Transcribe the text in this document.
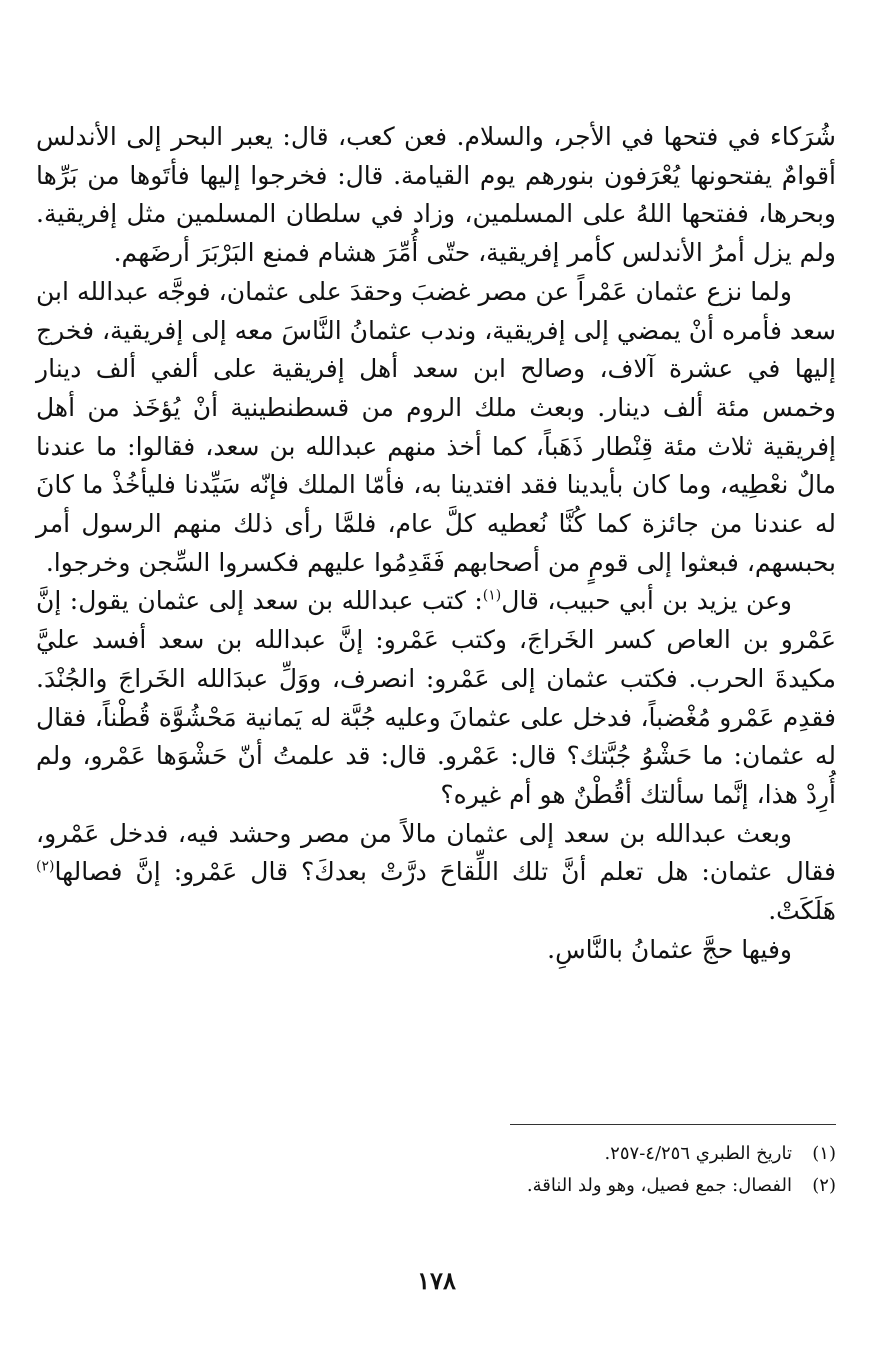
شُرَكاء في فتحها في الأجر، والسلام. فعن كعب، قال: يعبر البحر إلى الأندلس أقوامٌ يفتحونها يُعْرَفون بنورهم يوم القيامة. قال: فخرجوا إليها فأتَوها من بَرِّها وبحرها، ففتحها اللهُ على المسلمين، وزاد في سلطان المسلمين مثل إفريقية. ولم يزل أمرُ الأندلس كأمر إفريقية، حتّى أُمِّرَ هشام فمنع البَرْبَرَ أرضَهم.

ولما نزع عثمان عَمْراً عن مصر غضبَ وحقدَ على عثمان، فوجَّه عبدالله ابن سعد فأمره أنْ يمضي إلى إفريقية، وندب عثمانُ النَّاسَ معه إلى إفريقية، فخرج إليها في عشرة آلاف، وصالح ابن سعد أهل إفريقية على ألفي ألف دينار وخمس مئة ألف دينار. وبعث ملك الروم من قسطنطينية أنْ يُؤخَذ من أهل إفريقية ثلاث مئة قِنْطار ذَهَباً، كما أخذ منهم عبدالله بن سعد، فقالوا: ما عندنا مالٌ نعْطِيه، وما كان بأيدينا فقد افتدينا به، فأمّا الملك فإنّه سَيِّدنا فليأخُذْ ما كانَ له عندنا من جائزة كما كُنَّا نُعطيه كلَّ عام، فلمَّا رأى ذلك منهم الرسول أمر بحبسهم، فبعثوا إلى قومٍ من أصحابهم فَقَدِمُوا عليهم فكسروا السِّجن وخرجوا.

وعن يزيد بن أبي حبيب، قال$^{(١)}$: كتب عبدالله بن سعد إلى عثمان يقول: إنَّ عَمْرو بن العاص كسر الخَراجَ، وكتب عَمْرو: إنَّ عبدالله بن سعد أفسد عليَّ مكيدةَ الحرب. فكتب عثمان إلى عَمْرو: انصرف، ووَلِّ عبدَالله الخَراجَ والجُنْدَ. فقدِم عَمْرو مُغْضباً، فدخل على عثمانَ وعليه جُبَّة له يَمانية مَحْشُوَّة قُطْناً، فقال له عثمان: ما حَشْوُ جُبَّتك؟ قال: عَمْرو. قال: قد علمتُ أنّ حَشْوَها عَمْرو، ولم أُرِدْ هذا، إنَّما سألتك أقُطْنٌ هو أم غيره؟

وبعث عبدالله بن سعد إلى عثمان مالاً من مصر وحشد فيه، فدخل عَمْرو، فقال عثمان: هل تعلم أنَّ تلك اللِّقاحَ درَّتْ بعدكَ؟ قال عَمْرو: إنَّ فصالها$^{(٢)}$ هَلَكَتْ.

وفيها حجَّ عثمانُ بالنَّاسِ.

(١)
تاريخ الطبري ٤/٢٥٦-٢٥٧.
(٢)
الفصال: جمع فصيل، وهو ولد الناقة.
١٧٨
